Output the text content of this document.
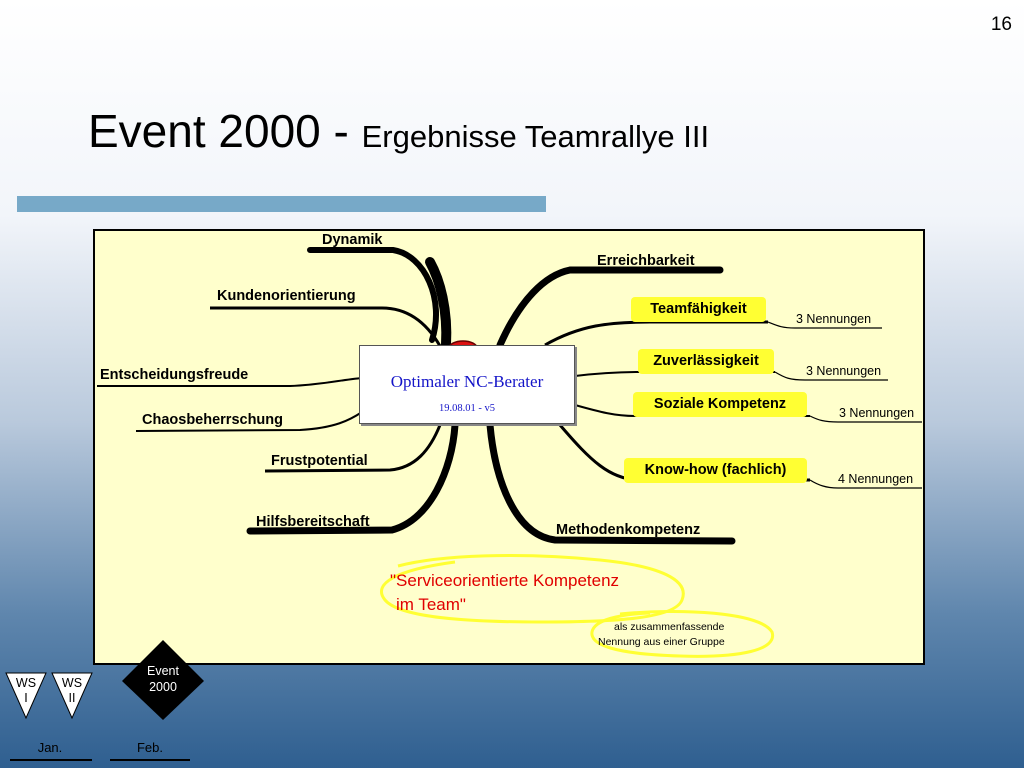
16
Event 2000 - Ergebnisse Teamrallye III
Dynamik
Kundenorientierung
Entscheidungsfreude
Chaosbeherrschung
Frustpotential
Hilfsbereitschaft
Erreichbarkeit
Teamfähigkeit
Zuverlässigkeit
Soziale Kompetenz
Know-how (fachlich)
Methodenkompetenz
3 Nennungen
3 Nennungen
3 Nennungen
4 Nennungen
Optimaler NC-Berater
19.08.01 - v5
"Serviceorientierte Kompetenz
im Team"
als zusammenfassende
Nennung aus einer Gruppe
WS
I
WS
II
Event
2000
Jan.	Feb.
